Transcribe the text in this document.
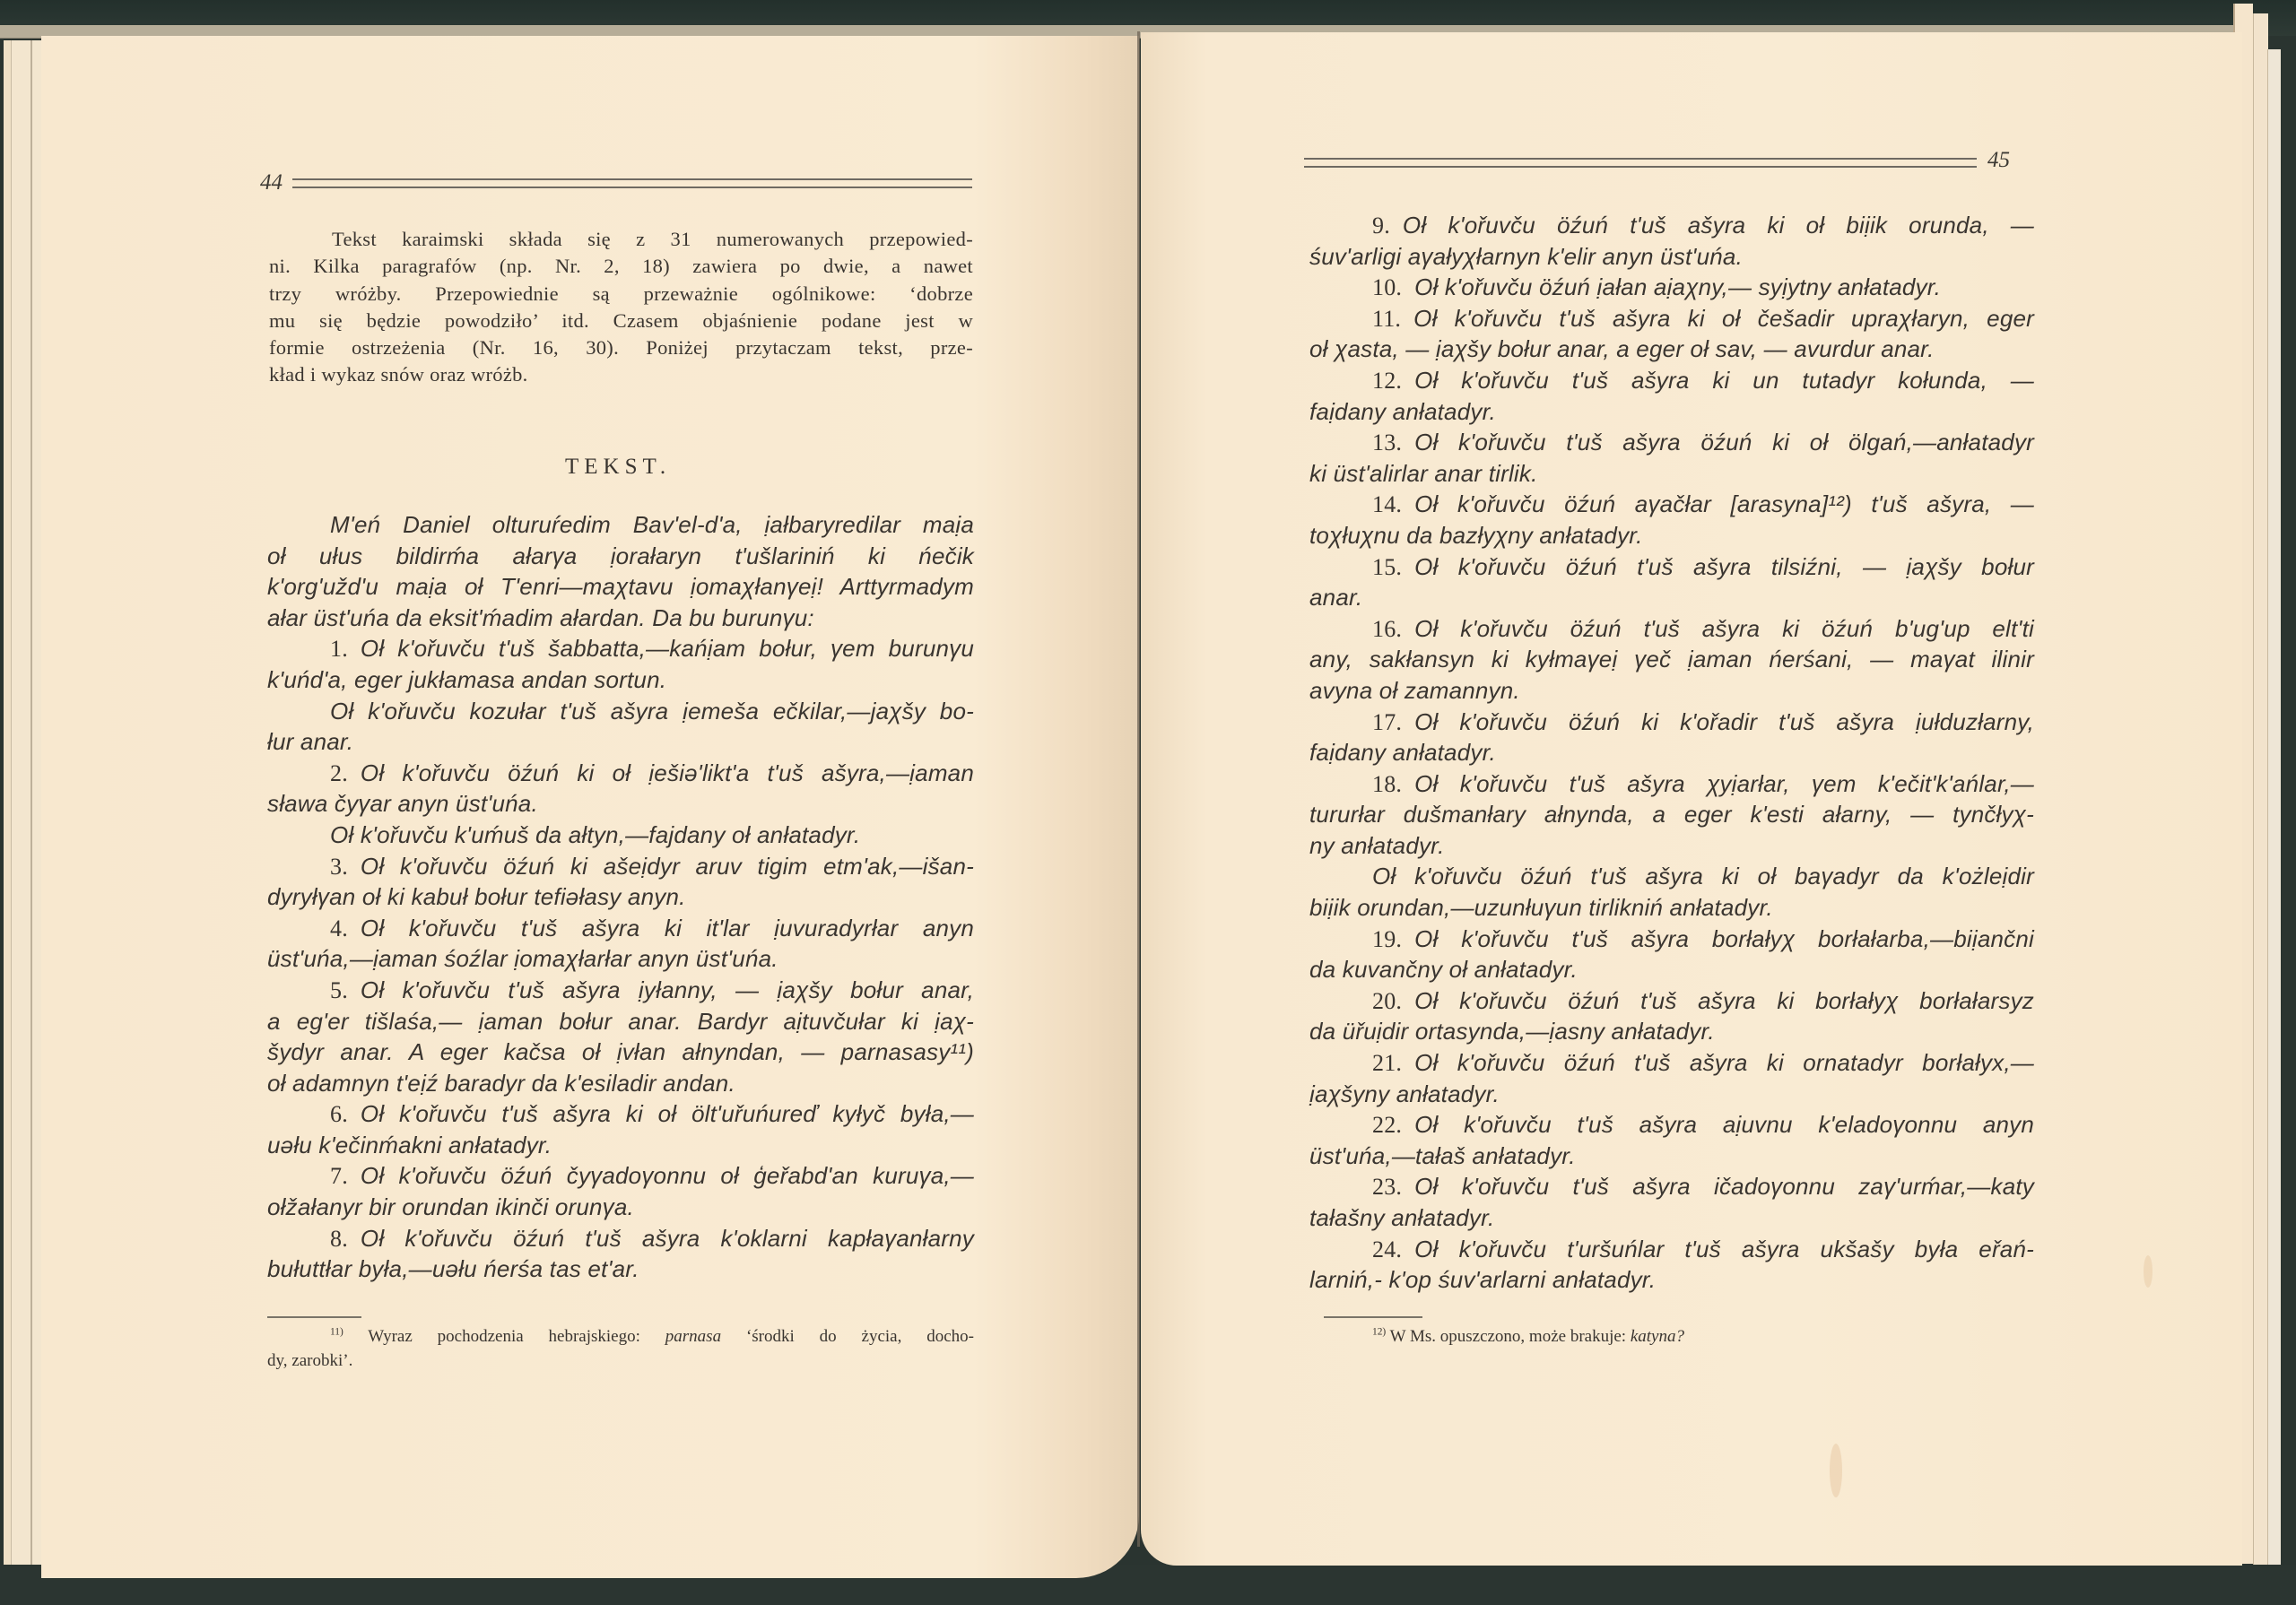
44
Tekst karaimski składa się z 31 numerowanych przepowied-
ni. Kilka paragrafów (np. Nr. 2, 18) zawiera po dwie, a nawet
trzy wróżby. Przepowiednie są przeważnie ogólnikowe: ‘dobrze
mu się będzie powodziło’ itd. Czasem objaśnienie podane jest w
formie ostrzeżenia (Nr. 16, 30). Poniżej przytaczam tekst, prze-
kład i wykaz snów oraz wróżb.
TEKST.
M'eń Daniel olturuŕedim Bav'el-d'a, ịałbaryredilar maịa
oł ułus bildirḿa ałarγa ịorałaryn t'ušlariniń ki ńečik
k'org'užd'u maịa oł T'enri—maχtavu ịomaχłanγeị! Arttyrmadym
ałar üst'uńa da eksit'ḿadim ałardan. Da bu burunγu:
1. Oł k'ořuvču t'uš šabbatta,—kańịam bołur, γem burunγu
k'uńd'a, eger jukłamasa andan sortun.
Oł k'ořuvču kozułar t'uš ašyra ịemeša ečkilar,—jaχšy bo-
łur anar.
2. Oł k'ořuvču öźuń ki oł ịešiǝ'likt'a t'uš ašyra,—ịaman
sława čyγar anyn üst'uńa.
Oł k'ořuvču k'uḿuš da ałtyn,—fajdany oł anłatadyr.
3. Oł k'ořuvču öźuń ki ašeịdyr aruv tigim etm'ak,—išan-
dyryłγan oł ki kabuł bołur tefiǝłasy anyn.
4. Oł k'ořuvču t'uš ašyra ki it'lar ịuvuradyrłar anyn
üst'uńa,—ịaman śoźlar ịomaχłarłar anyn üst'uńa.
5. Oł k'ořuvču t'uš ašyra ịyłanny, — ịaχšy bołur anar,
a eg'er tišlaśa,— ịaman bołur anar. Bardyr aịtuvčułar ki ịaχ-
šydyr anar. A eger kačsa oł ịvłan ałnyndan, — parnasasy¹¹)
oł adamnyn t'eịź baradyr da k'esiladir andan.
6. Oł k'ořuvču t'uš ašyra ki oł ölt'uřuńureď kyłyč była,—
uǝłu k'ečinḿakni anłatadyr.
7. Oł k'ořuvču öźuń čyγadoγonnu oł ģeřabd'an kuruγa,—
ołžałanyr bir orundan ikinči orunγa.
8. Oł k'ořuvču öźuń t'uš ašyra k'oklarni kapłaγanłarny
bułuttłar była,—uǝłu ńerśa tas et'ar.
$^{11)}$ Wyraz pochodzenia hebrajskiego: parnasa ‘środki do życia, docho-
dy, zarobki’.
45
9. Oł k'ořuvču öźuń t'uš ašyra ki oł biịik orunda, —
śuv'arligi aγałyχłarnyn k'elir anyn üst'uńa.
10. Oł k'ořuvču öźuń ịałan aịaχny,— syịytny anłatadyr.
11. Oł k'ořuvču t'uš ašyra ki oł češadir upraχłaryn, eger
oł χasta, — ịaχšy bołur anar, a eger oł sav, — avurdur anar.
12. Oł k'ořuvču t'uš ašyra ki un tutadyr kołunda, —
faịdany anłatadyr.
13. Oł k'ořuvču t'uš ašyra öźuń ki oł ölgań,—anłatadyr
ki üst'alirlar anar tirlik.
14. Oł k'ořuvču öźuń aγačłar [arasyna]¹²) t'uš ašyra, —
toχłuχnu da bazłyχny anłatadyr.
15. Oł k'ořuvču öźuń t'uš ašyra tilsiźni, — ịaχšy bołur
anar.
16. Oł k'ořuvču öźuń t'uš ašyra ki öźuń b'ug'up elt'ti
any, sakłansyn ki kyłmaγeị γeč ịaman ńerśani, — maγat ilinir
avyna oł zamannyn.
17. Oł k'ořuvču öźuń ki k'ořadir t'uš ašyra ịułduzłarny,
faịdany anłatadyr.
18. Oł k'ořuvču t'uš ašyra χyịarłar, γem k'ečit'k'ańlar,—
tururłar dušmanłary ałnynda, a eger k'esti ałarny, — tynčłyχ-
ny anłatadyr.
Oł k'ořuvču öźuń t'uš ašyra ki oł baγadyr da k'ożleịdir
biịik orundan,—uzunłuγun tirlikniń anłatadyr.
19. Oł k'ořuvču t'uš ašyra borłałyχ borłałarba,—biịančni
da kuvančny oł anłatadyr.
20. Oł k'ořuvču öźuń t'uš ašyra ki borłałyχ borłałarsyz
da üřuịdir ortasynda,—ịasny anłatadyr.
21. Oł k'ořuvču öźuń t'uš ašyra ki ornatadyr borłałyx,—
ịaχšyny anłatadyr.
22. Oł k'ořuvču t'uš ašyra aịuvnu k'eladoγonnu anyn
üst'uńa,—tałaš anłatadyr.
23. Oł k'ořuvču t'uš ašyra ičadoγonnu zaγ'urḿar,—katy
tałašny anłatadyr.
24. Oł k'ořuvču t'uršuńlar t'uš ašyra ukšašy była eřań-
larniń,- k'op śuv'arlarni anłatadyr.
$^{12)}$ W Ms. opuszczono, może brakuje: katyna?
